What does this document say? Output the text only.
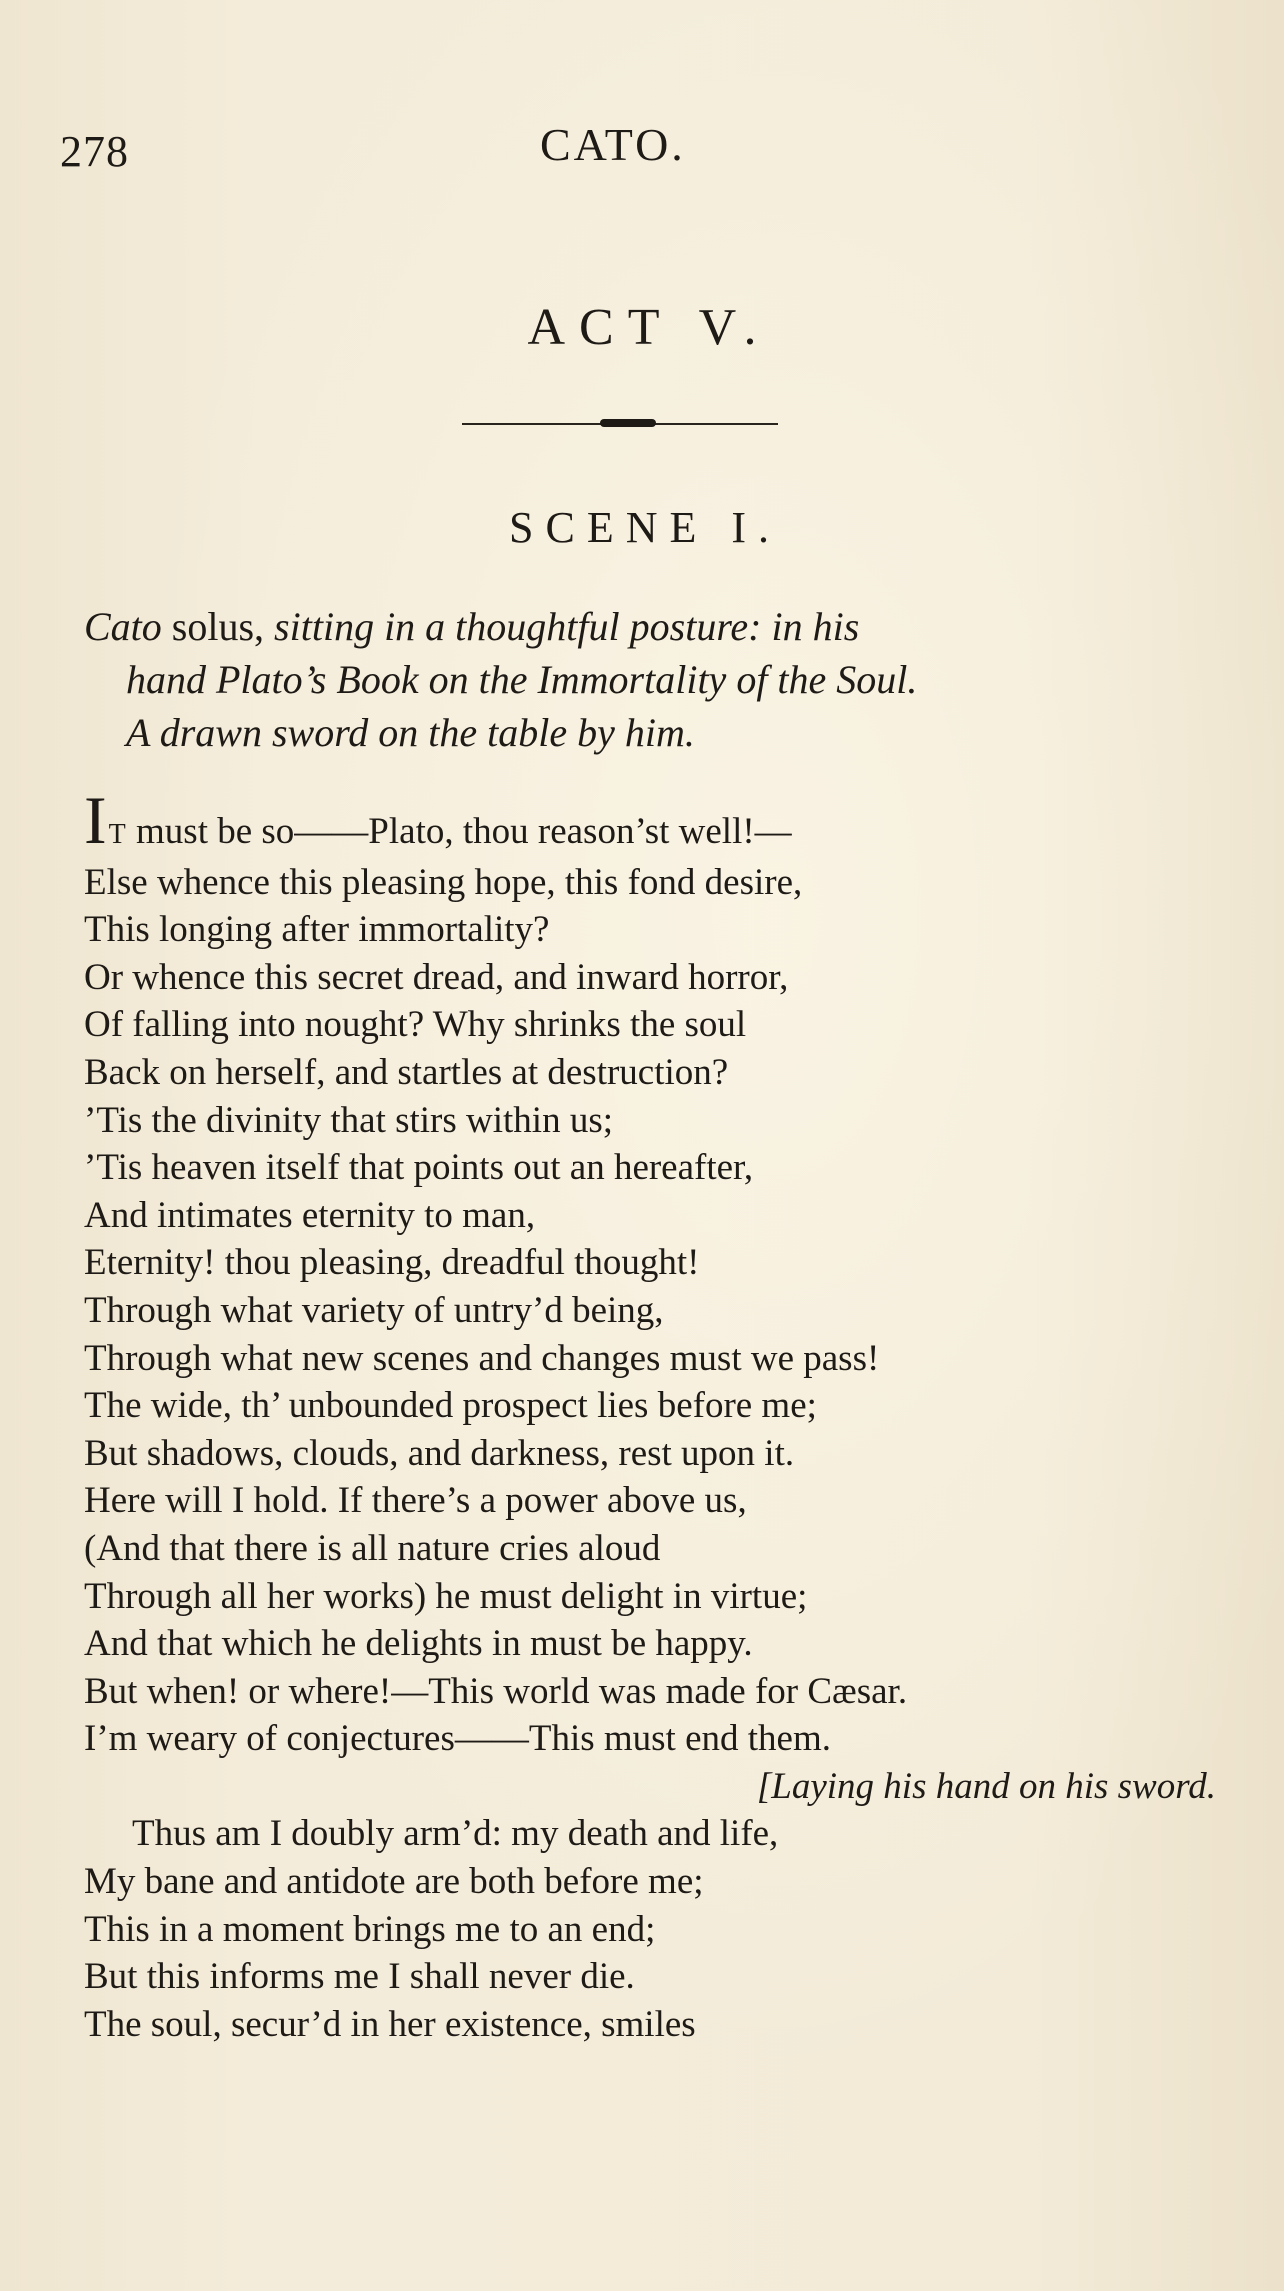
278	CATO.
ACT V.
SCENE I.
Cato solus, sitting in a thoughtful posture: in his
hand Plato’s Book on the Immortality of the Soul.
A drawn sword on the table by him.
IT must be so——Plato, thou reason’st well!—
Else whence this pleasing hope, this fond desire,
This longing after immortality?
Or whence this secret dread, and inward horror,
Of falling into nought? Why shrinks the soul
Back on herself, and startles at destruction?
’Tis the divinity that stirs within us;
’Tis heaven itself that points out an hereafter,
And intimates eternity to man,
Eternity! thou pleasing, dreadful thought!
Through what variety of untry’d being,
Through what new scenes and changes must we pass!
The wide, th’ unbounded prospect lies before me;
But shadows, clouds, and darkness, rest upon it.
Here will I hold. If there’s a power above us,
(And that there is all nature cries aloud
Through all her works) he must delight in virtue;
And that which he delights in must be happy.
But when! or where!—This world was made for Cæsar.
I’m weary of conjectures——This must end them.
[Laying his hand on his sword.
Thus am I doubly arm’d: my death and life,
My bane and antidote are both before me;
This in a moment brings me to an end;
But this informs me I shall never die.
The soul, secur’d in her existence, smiles
